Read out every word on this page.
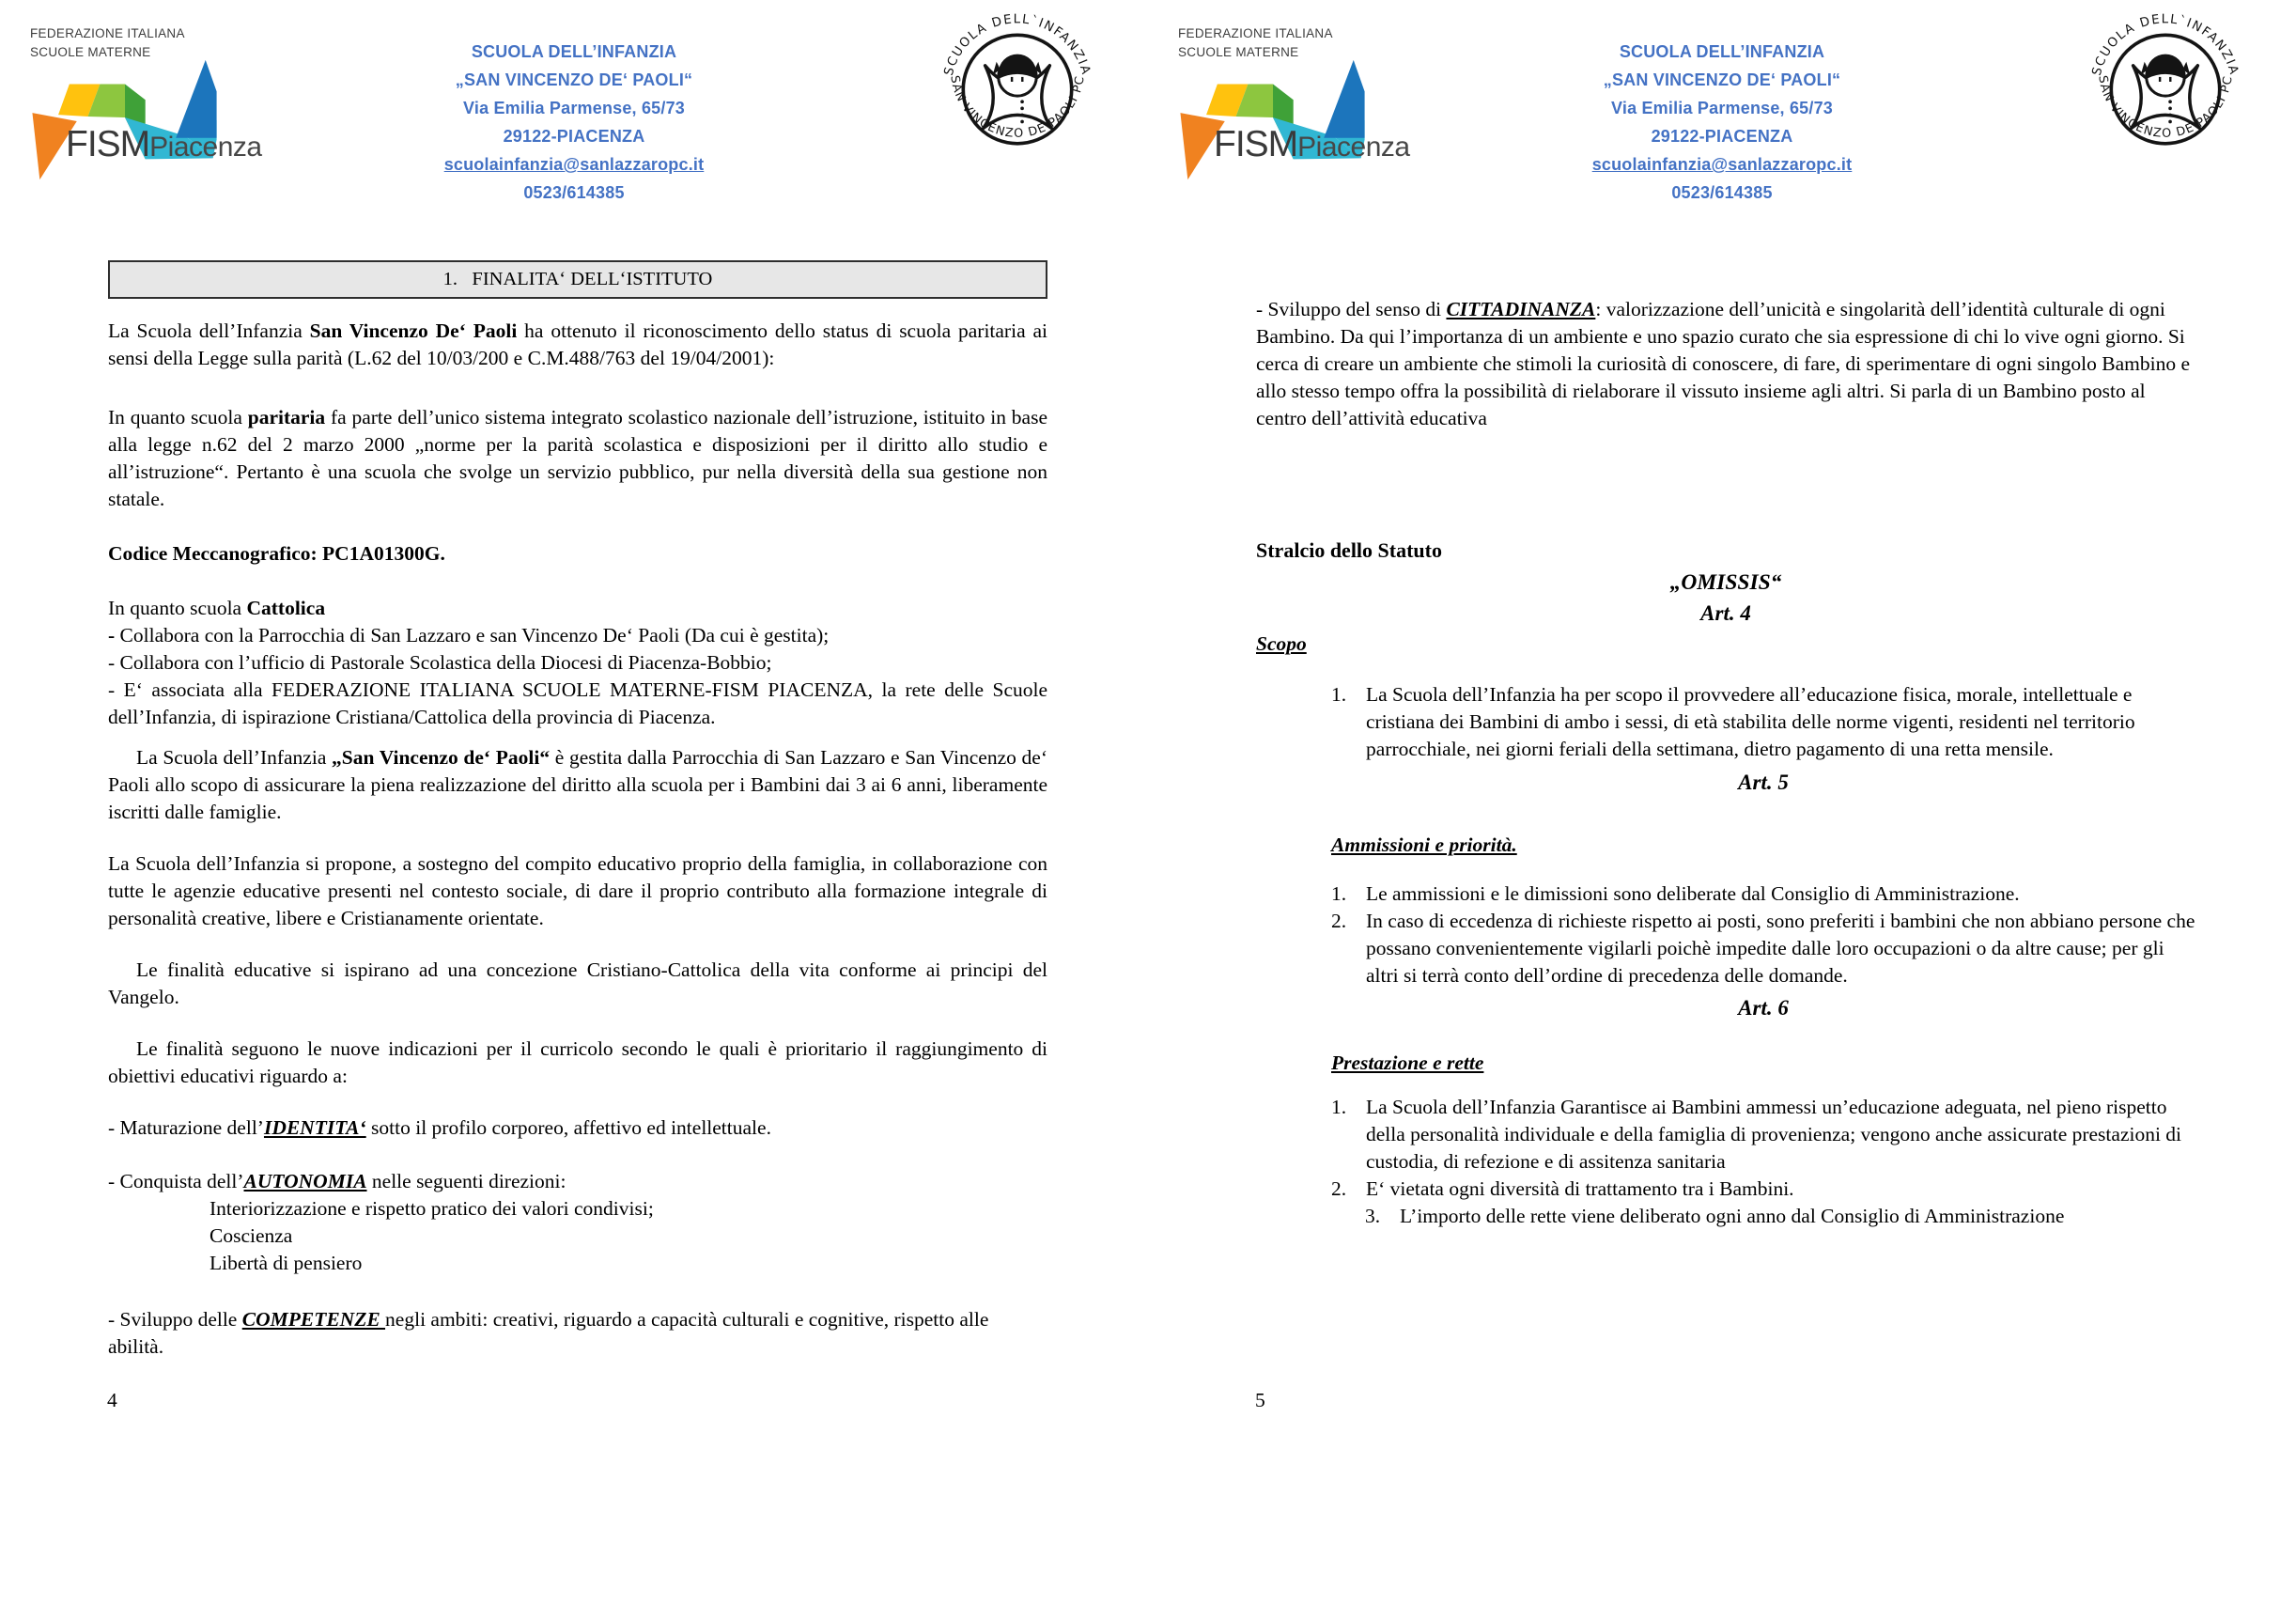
FEDERAZIONE ITALIANA
SCUOLE MATERNE
FISMPiacenza
SCUOLA DELL’INFANZIA
„SAN VINCENZO DE‘ PAOLI“
Via Emilia Parmense, 65/73
29122-PIACENZA
scuolainfanzia@sanlazzaropc.it
0523/614385
SCUOLA DELL`INFANZIA
SAN VINCENZO DE PAOLI PC
1.   FINALITA‘ DELL‘ISTITUTO

La Scuola dell’Infanzia San Vincenzo De‘ Paoli ha ottenuto il riconoscimento dello status di scuola paritaria ai sensi della Legge sulla parità (L.62 del 10/03/200 e C.M.488/763 del 19/04/2001):

In quanto scuola paritaria fa parte dell’unico sistema integrato scolastico nazionale dell’istruzione, istituito in base alla legge n.62 del 2 marzo 2000 „norme per la parità scolastica e disposizioni per il diritto allo studio e all’istruzione“. Pertanto è una scuola che svolge un servizio pubblico, pur nella diversità della sua gestione non statale.

Codice Meccanografico: PC1A01300G.

In quanto scuola Cattolica

- Collabora con la Parrocchia di San Lazzaro e san Vincenzo De‘ Paoli (Da cui è gestita);

- Collabora con l’ufficio di Pastorale Scolastica della Diocesi di Piacenza-Bobbio;

- E‘ associata alla FEDERAZIONE ITALIANA SCUOLE MATERNE-FISM PIACENZA, la rete delle Scuole dell’Infanzia, di ispirazione Cristiana/Cattolica della provincia di Piacenza.

La Scuola dell’Infanzia „San Vincenzo de‘ Paoli“ è gestita dalla Parrocchia di San Lazzaro e San Vincenzo de‘ Paoli allo scopo di assicurare la piena realizzazione del diritto alla scuola per i Bambini dai 3 ai 6 anni, liberamente iscritti dalle famiglie.

La Scuola dell’Infanzia si propone, a sostegno del compito educativo proprio della famiglia, in collaborazione con tutte le agenzie educative presenti nel contesto sociale, di dare il proprio contributo alla formazione integrale di personalità creative, libere e Cristianamente orientate.

Le finalità educative si ispirano ad una concezione Cristiano-Cattolica della vita conforme ai principi del Vangelo.

Le finalità seguono le nuove indicazioni per il curricolo secondo le quali è prioritario il raggiungimento di obiettivi educativi riguardo a:

- Maturazione dell’IDENTITA‘ sotto il profilo corporeo, affettivo ed intellettuale.

- Conquista dell’AUTONOMIA nelle seguenti direzioni:

Interiorizzazione e rispetto pratico dei valori condivisi;

Coscienza

Libertà di pensiero

- Sviluppo delle COMPETENZE negli ambiti: creativi, riguardo a capacità culturali e cognitive, rispetto alle abilità.

4
FEDERAZIONE ITALIANA
SCUOLE MATERNE
FISMPiacenza
SCUOLA DELL’INFANZIA
„SAN VINCENZO DE‘ PAOLI“
Via Emilia Parmense, 65/73
29122-PIACENZA
scuolainfanzia@sanlazzaropc.it
0523/614385
SCUOLA DELL`INFANZIA
SAN VINCENZO DE PAOLI PC

- Sviluppo del senso di CITTADINANZA: valorizzazione dell’unicità e singolarità dell’identità culturale di ogni Bambino. Da qui l’importanza di un ambiente e uno spazio curato che sia espressione di chi lo vive ogni giorno. Si cerca di creare un ambiente che stimoli la curiosità di conoscere, di fare, di sperimentare di ogni singolo Bambino e allo stesso tempo offra la possibilità di rielaborare il vissuto insieme agli altri. Si parla di un Bambino posto al centro dell’attività educativa

Stralcio dello Statuto

„OMISSIS“

Art. 4

Scopo

1. La Scuola dell’Infanzia ha per scopo il provvedere all’educazione fisica, morale, intellettuale e cristiana dei Bambini di ambo i sessi, di età stabilita delle norme vigenti, residenti nel territorio parrocchiale, nei giorni feriali della settimana, dietro pagamento di una retta mensile.

Art. 5

Ammissioni e priorità.

1. Le ammissioni e le dimissioni sono deliberate dal Consiglio di Amministrazione.
2. In caso di eccedenza di richieste rispetto ai posti, sono preferiti i bambini che non abbiano persone che possano convenientemente vigilarli poichè impedite dalle loro occupazioni o da altre cause; per gli altri si terrà conto dell’ordine di precedenza delle domande.

Art. 6

Prestazione e rette

1. La Scuola dell’Infanzia Garantisce ai Bambini ammessi un’educazione adeguata, nel pieno rispetto della personalità individuale e della famiglia di provenienza; vengono anche assicurate prestazioni di custodia, di refezione e di assitenza sanitaria
2. E‘ vietata ogni diversità di trattamento tra i Bambini.
3. L’importo delle rette viene deliberato ogni anno dal Consiglio di Amministrazione
5
